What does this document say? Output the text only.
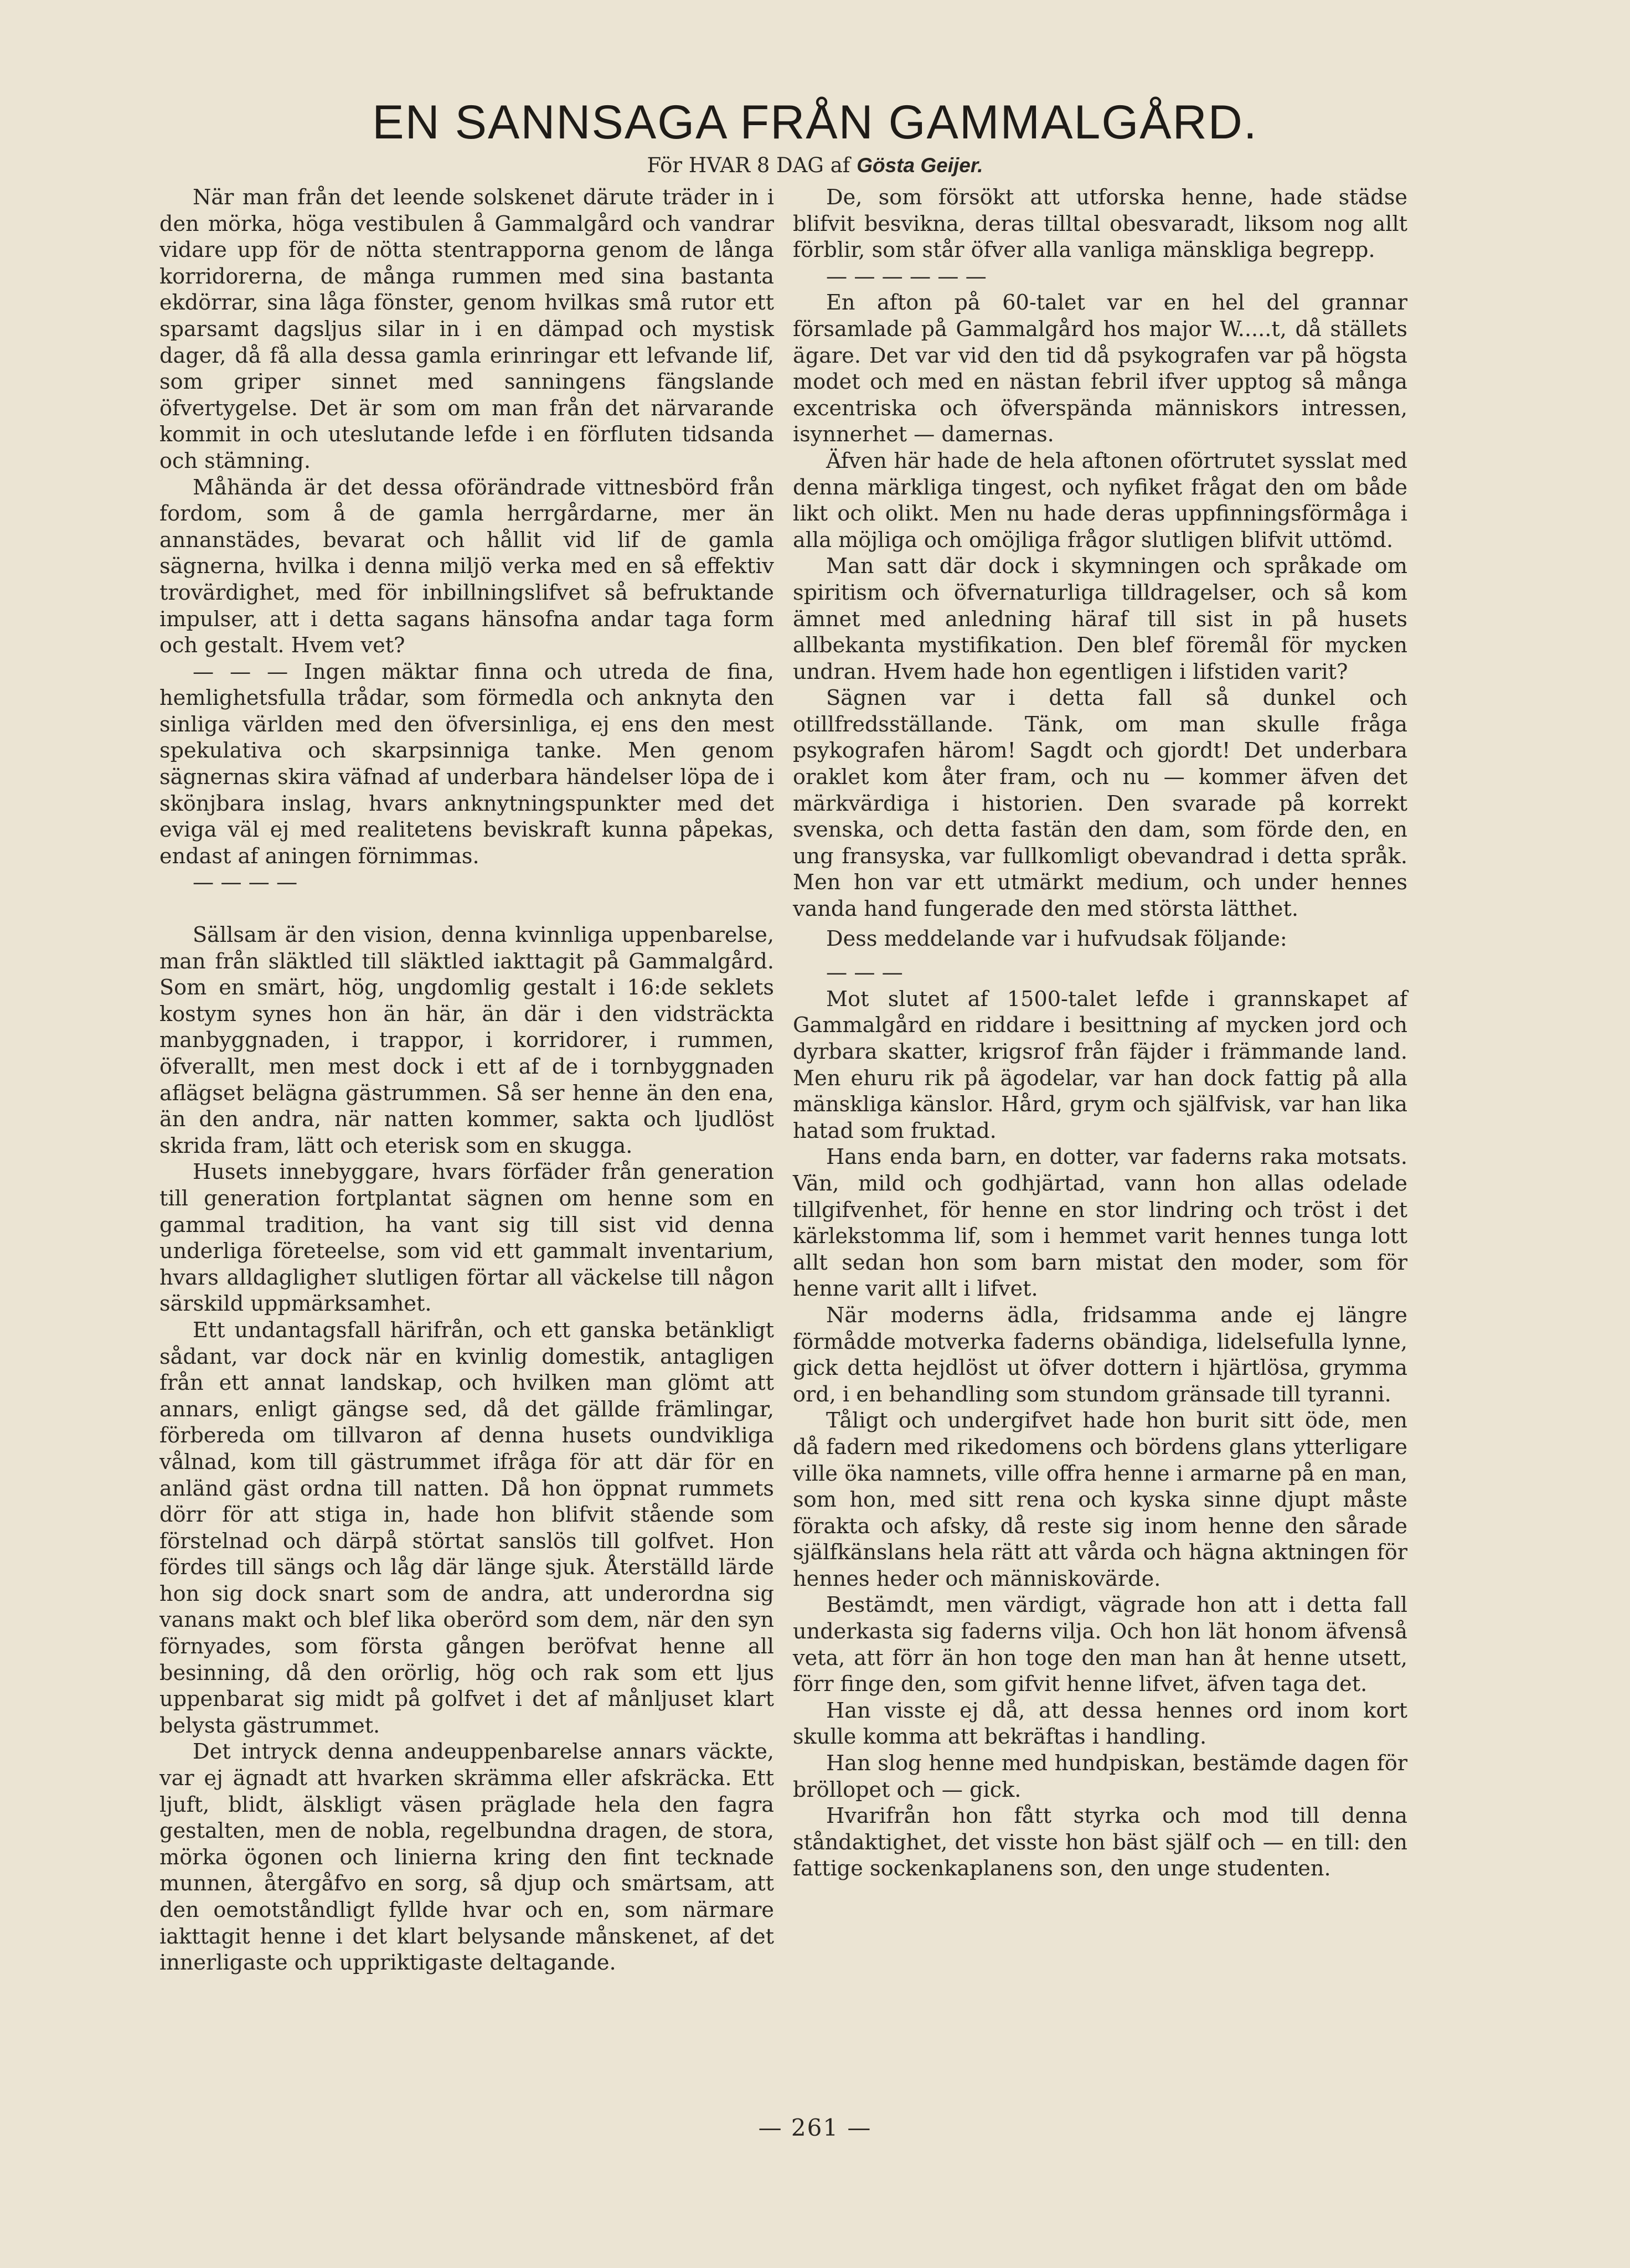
EN SANNSAGA FRÅN GAMMALGÅRD.
För HVAR 8 DAG af Gösta Geijer.

När man från det leende solskenet därute träder in i den mörka, höga vestibulen å Gammalgård och vandrar vidare upp för de nötta stentrapporna genom de långa korridorerna, de många rummen med sina bastanta ekdörrar, sina låga fönster, genom hvilkas små rutor ett sparsamt dagsljus silar in i en dämpad och mystisk dager, då få alla dessa gamla erinringar ett lefvande lif, som griper sinnet med sanningens fängslande öfvertygelse. Det är som om man från det närvarande kommit in och uteslutande lefde i en förfluten tidsanda och stämning.

Måhända är det dessa oförändrade vittnesbörd från fordom, som å de gamla herrgårdarne, mer än annanstädes, bevarat och hållit vid lif de gamla sägnerna, hvilka i denna miljö verka med en så effektiv trovärdighet, med för inbillningslifvet så befruktande impulser, att i detta sagans hänsofna andar taga form och gestalt. Hvem vet?

— — — Ingen mäktar finna och utreda de fina, hemlighetsfulla trådar, som förmedla och anknyta den sinliga världen med den öfversinliga, ej ens den mest spekulativa och skarpsinniga tanke. Men genom sägnernas skira väfnad af underbara händelser löpa de i skönjbara inslag, hvars anknytningspunkter med det eviga väl ej med realitetens beviskraft kunna påpekas, endast af aningen förnimmas.

— — — —

Sällsam är den vision, denna kvinnliga uppenbarelse, man från släktled till släktled iakttagit på Gammalgård. Som en smärt, hög, ungdomlig gestalt i 16:de seklets kostym synes hon än här, än där i den vidsträckta manbyggnaden, i trappor, i korridorer, i rummen, öfverallt, men mest dock i ett af de i tornbyggnaden aflägset belägna gästrummen. Så ser henne än den ena, än den andra, när natten kommer, sakta och ljudlöst skrida fram, lätt och eterisk som en skugga.

Husets innebyggare, hvars förfäder från generation till generation fortplantat sägnen om henne som en gammal tradition, ha vant sig till sist vid denna underliga företeelse, som vid ett gammalt inventarium, hvars alldagligheт slutligen förtar all väckelse till någon särskild uppmärksamhet.

Ett undantagsfall härifrån, och ett ganska betänkligt sådant, var dock när en kvinlig domestik, antagligen från ett annat landskap, och hvilken man glömt att annars, enligt gängse sed, då det gällde främlingar, förbereda om tillvaron af denna husets oundvikliga vålnad, kom till gästrummet ifråga för att där för en anländ gäst ordna till natten. Då hon öppnat rummets dörr för att stiga in, hade hon blifvit stående som förstelnad och därpå störtat sanslös till golfvet. Hon fördes till sängs och låg där länge sjuk. Återställd lärde hon sig dock snart som de andra, att underordna sig vanans makt och blef lika oberörd som dem, när den syn förnyades, som första gången beröfvat henne all besinning, då den orörlig, hög och rak som ett ljus uppenbarat sig midt på golfvet i det af månljuset klart belysta gästrummet.

Det intryck denna andeuppenbarelse annars väckte, var ej ägnadt att hvarken skrämma eller afskräcka. Ett ljuft, blidt, älskligt väsen präglade hela den fagra gestalten, men de nobla, regelbundna dragen, de stora, mörka ögonen och linierna kring den fint tecknade munnen, återgåfvo en sorg, så djup och smärtsam, att den oemotståndligt fyllde hvar och en, som närmare iakttagit henne i det klart belysande månskenet, af det innerligaste och uppriktigaste deltagande.

De, som försökt att utforska henne, hade städse blifvit besvikna, deras tilltal obesvaradt, liksom nog allt förblir, som står öfver alla vanliga mänskliga begrepp.

— — — — — —

En afton på 60-talet var en hel del grannar församlade på Gammalgård hos major W.....t, då ställets ägare. Det var vid den tid då psykografen var på högsta modet och med en nästan febril ifver upptog så många excentriska och öfverspända människors intressen, isynnerhet — damernas.

Äfven här hade de hela aftonen oförtrutet sysslat med denna märkliga tingest, och nyfiket frågat den om både likt och olikt. Men nu hade deras uppfinningsförmåga i alla möjliga och omöjliga frågor slutligen blifvit uttömd.

Man satt där dock i skymningen och språkade om spiritism och öfvernaturliga tilldragelser, och så kom ämnet med anledning häraf till sist in på husets allbekanta mystifikation. Den blef föremål för mycken undran. Hvem hade hon egentligen i lifstiden varit?

Sägnen var i detta fall så dunkel och otillfredsställande. Tänk, om man skulle fråga psykografen härom! Sagdt och gjordt! Det underbara oraklet kom åter fram, och nu — kommer äfven det märkvärdiga i historien. Den svarade på korrekt svenska, och detta fastän den dam, som förde den, en ung fransyska, var fullkomligt obevandrad i detta språk. Men hon var ett utmärkt medium, och under hennes vanda hand fungerade den med största lätthet.

Dess meddelande var i hufvudsak följande:

— — —

Mot slutet af 1500-talet lefde i grannskapet af Gammalgård en riddare i besittning af mycken jord och dyrbara skatter, krigsrof från fäjder i främmande land. Men ehuru rik på ägodelar, var han dock fattig på alla mänskliga känslor. Hård, grym och själfvisk, var han lika hatad som fruktad.

Hans enda barn, en dotter, var faderns raka motsats. Vän, mild och godhjärtad, vann hon allas odelade tillgifvenhet, för henne en stor lindring och tröst i det kärlekstomma lif, som i hemmet varit hennes tunga lott allt sedan hon som barn mistat den moder, som för henne varit allt i lifvet.

När moderns ädla, fridsamma ande ej längre förmådde motverka faderns obändiga, lidelsefulla lynne, gick detta hejdlöst ut öfver dottern i hjärtlösa, grymma ord, i en behandling som stundom gränsade till tyranni.

Tåligt och undergifvet hade hon burit sitt öde, men då fadern med rikedomens och bördens glans ytterligare ville öka namnets, ville offra henne i armarne på en man, som hon, med sitt rena och kyska sinne djupt måste förakta och afsky, då reste sig inom henne den sårade själfkänslans hela rätt att vårda och hägna aktningen för hennes heder och människovärde.

Bestämdt, men värdigt, vägrade hon att i detta fall underkasta sig faderns vilja. Och hon lät honom äfvenså veta, att förr än hon toge den man han åt henne utsett, förr finge den, som gifvit henne lifvet, äfven taga det.

Han visste ej då, att dessa hennes ord inom kort skulle komma att bekräftas i handling.

Han slog henne med hundpiskan, bestämde dagen för bröllopet och — gick.

Hvarifrån hon fått styrka och mod till denna ståndaktighet, det visste hon bäst själf och — en till: den fattige sockenkaplanens son, den unge studenten.

— 261 —
